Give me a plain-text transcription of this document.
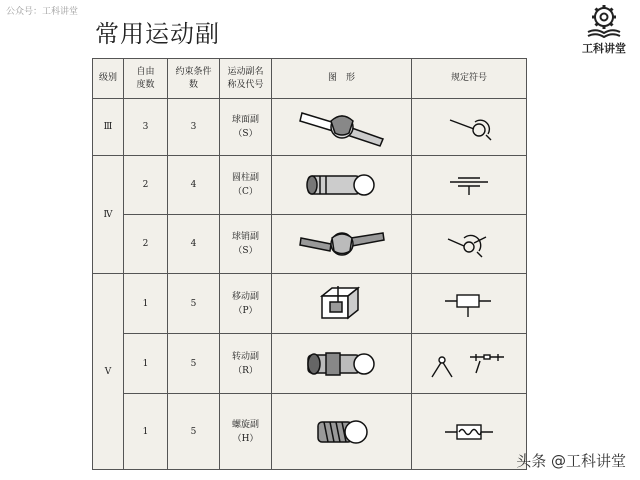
公众号：工科讲堂
常用运动副
工科讲堂
级别	自由度数	约束条件数	运动副名称及代号	图　形	规定符号
Ⅲ	3	3	球面副
（S）

Ⅳ	2	4	圆柱副
（C）

	2	4	球销副
（S）

Ⅴ	1	5	移动副
（P）

	1	5	转动副
（R）

	1	5	螺旋副
（H）

头条 @工科讲堂
